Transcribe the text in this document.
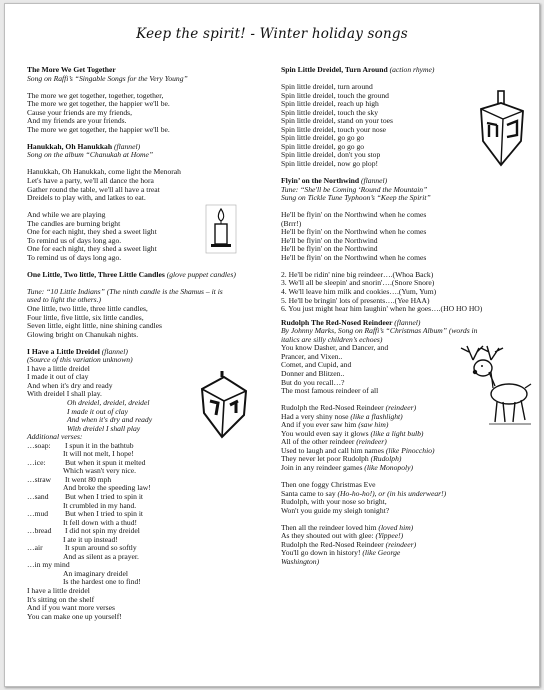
Keep the spirit! - Winter holiday songs
The More We Get Together
Song on Raffi’s “Singable Songs for the Very Young”
The more we get together, together, together,
The more we get together, the happier we'll be.
Cause your friends are my friends,
And my friends are your friends.
The more we get together, the happier we'll be.
Hanukkah, Oh Hanukkah (flannel)
Song on the album “Chanukah at Home”
Hanukkah, Oh Hanukkah, come light the Menorah
Let's have a party, we'll all dance the hora
Gather round the table, we'll all have a treat
Dreidels to play with, and latkes to eat.
And while we are playing
The candles are burning bright
One for each night, they shed a sweet light
To remind us of days long ago.
One for each night, they shed a sweet light
To remind us of days long ago.
One Little, Two little, Three Little Candles (glove puppet candles)
Tune: “10 Little Indians” (The ninth candle is the Shamus – it is
used to light the others.)
One little, two little, three little candles,
Four little, five little, six little candles,
Seven little, eight little, nine shining candles
Glowing bright on Chanukah nights.
I Have a Little Dreidel (flannel)
(Source of this variation unknown)
I have a little dreidel
I made it out of clay
And when it's dry and ready
With dreidel I shall play.
Oh dreidel, dreidel, dreidel
I made it out of clay
And when it's dry and ready
With dreidel I shall play
Additional verses:
…soap:	I spun it in the bathtub
It will not melt, I hope!
…ice:	But when it spun it melted
Which wasn't very nice.
…straw	It went 80 mph
And broke the speeding law!
…sand	But when I tried to spin it
It crumbled in my hand.
…mud	But when I tried to spin it
It fell down with a thud!
…bread	I did not spin my dreidel
I ate it up instead!
…air	It spun around so softly
And as silent as a prayer.
…in my mind
An imaginary dreidel
Is the hardest one to find!
I have a little dreidel
It's sitting on the shelf
And if you want more verses
You can make one up yourself!
Spin Little Dreidel, Turn Around (action rhyme)
Spin little dreidel, turn around
Spin little dreidel, touch the ground
Spin little dreidel, reach up high
Spin little dreidel, touch the sky
Spin little dreidel, stand on your toes
Spin little dreidel, touch your nose
Spin little dreidel, go go go
Spin little dreidel, go go go
Spin little dreidel, don't you stop
Spin little dreidel, now go plop!
Flyin’ on the Northwind (flannel)
Tune: “She'll be Coming ‘Round the Mountain”
Sung on Tickle Tune Typhoon’s “Keep the Spirit”
He'll be flyin' on the Northwind when he comes
(Brrr!)
He'll be flyin' on the Northwind when he comes
He'll be flyin' on the Northwind
He'll be flyin' on the Northwind
He'll be flyin' on the Northwind when he comes
2. He'll be ridin' nine big reindeer….(Whoa Back)
3. We'll all be sleepin' and snorin'….(Snore Snore)
4. We'll leave him milk and cookies….(Yum, Yum)
5. He'll be bringin' lots of presents….(Yee HAA)
6. You just might hear him laughin' when he goes….(HO HO HO)
Rudolph The Red-Nosed Reindeer (flannel)
By Johnny Marks, Song on Raffi’s “Christmas Album” (words in
italics are silly children’s echoes)
You know Dasher, and Dancer, and
Prancer, and Vixen..
Comet, and Cupid, and
Donner and Blitzen..
But do you recall…?
The most famous reindeer of all
Rudolph the Red-Nosed Reindeer (reindeer)
Had a very shiny nose (like a flashlight)
And if you ever saw him (saw him)
You would even say it glows (like a light bulb)
All of the other reindeer (reindeer)
Used to laugh and call him names (like Pinocchio)
They never let poor Rudolph (Rudolph)
Join in any reindeer games (like Monopoly)
Then one foggy Christmas Eve
Santa came to say (Ho-ho-ho!), or (in his underwear!)
Rudolph, with your nose so bright,
Won't you guide my sleigh tonight?
Then all the reindeer loved him (loved him)
As they shouted out with glee: (Yippee!)
Rudolph the Red-Nosed Reindeer (reindeer)
You'll go down in history! (like George
Washington)
